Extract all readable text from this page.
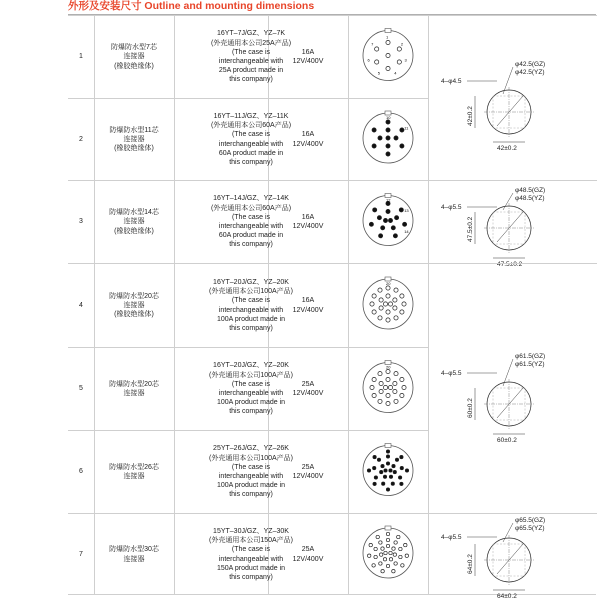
外形及安装尺寸 Outline and mounting dimensions
1
防爆防水型7芯
连接器
(橡胶绝缘体)
16YT–7J/GZ、YZ–7K
(外壳通用本公司25A产品)
(The case is
interchangeable with
25A product made in
this company)
16A
12V/400V
1
2
3
4
5
6
7
2
防爆防水型11芯
连接器
(橡胶绝缘体)
16YT–11J/GZ、YZ–11K
(外壳通用本公司60A产品)
(The case is
interchangeable with
60A product made in
this company)
16A
12V/400V
10
11
3
防爆防水型14芯
连接器
(橡胶绝缘体)
16YT–14J/GZ、YZ–14K
(外壳通用本公司60A产品)
(The case is
interchangeable with
60A product made in
this company)
16A
12V/400V
12
13
14
4
防爆防水型20芯
连接器
(橡胶绝缘体)
16YT–20J/GZ、YZ–20K
(外壳通用本公司100A产品)
(The case is
interchangeable with
100A product made in
this company)
16A
12V/400V
20
5
防爆防水型20芯
连接器
16YT–20J/GZ、YZ–20K
(外壳通用本公司100A产品)
(The case is
interchangeable with
100A product made in
this company)
25A
12V/400V
20
6
防爆防水型26芯
连接器
25YT–26J/GZ、YZ–26K
(外壳通用本公司100A产品)
(The case is
interchangeable with
100A product made in
this company)
25A
12V/400V
7
防爆防水型30芯
连接器
15YT–30J/GZ、YZ–30K
(外壳通用本公司150A产品)
(The case is
interchangeable with
150A product made in
this company)
25A
12V/400V
φ42.5(GZ)
φ42.5(YZ)
4–φ4.5
42±0.2
42±0.2
φ48.5(GZ)
φ48.5(YZ)
4–φ5.5
47.5±0.2
47.5±0.2
φ61.5(GZ)
φ61.5(YZ)
4–φ5.5
60±0.2
60±0.2
φ65.5(GZ)
φ65.5(YZ)
4–φ5.5
64±0.2
64±0.2
